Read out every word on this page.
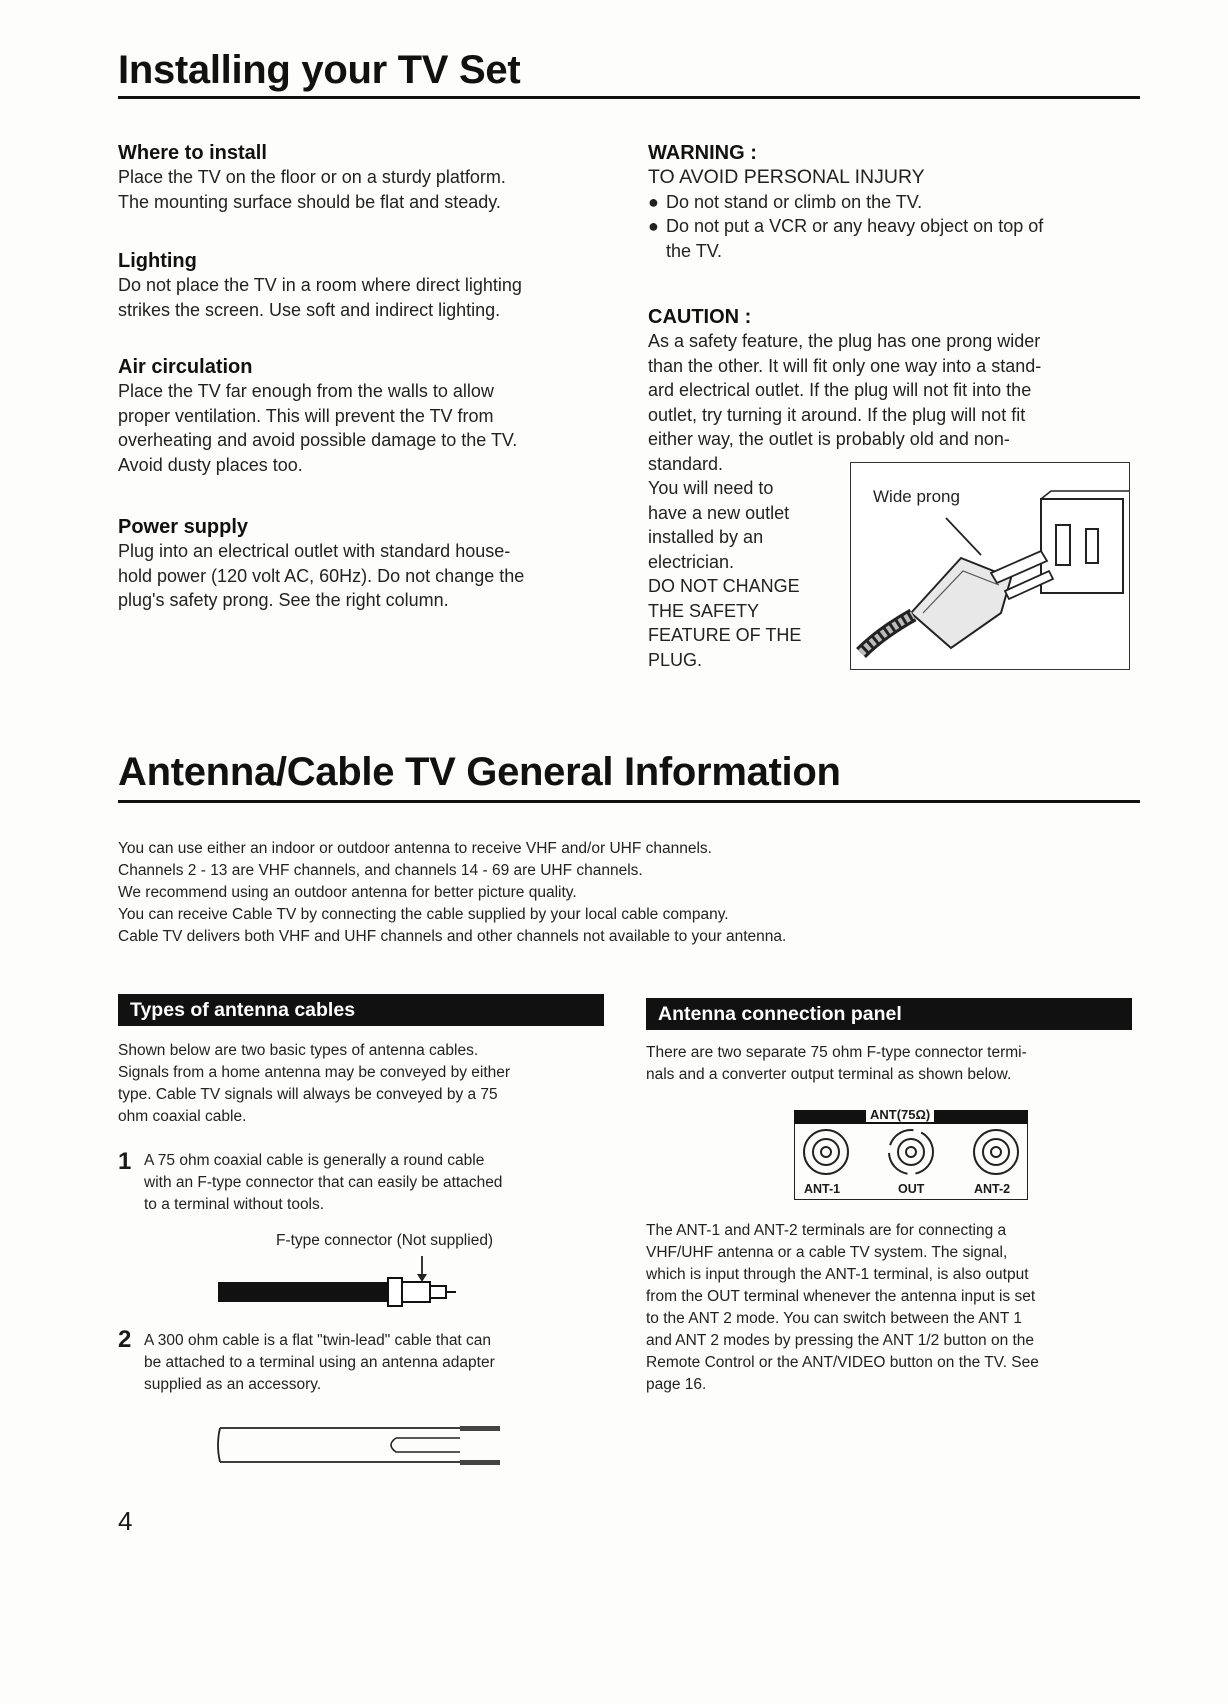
Installing your TV Set
Where to install
Place the TV on the floor or on a sturdy platform.
The mounting surface should be flat and steady.
Lighting
Do not place the TV in a room where direct lighting
strikes the screen. Use soft and indirect lighting.
Air circulation
Place the TV far enough from the walls to allow
proper ventilation. This will prevent the TV from
overheating and avoid possible damage to the TV.
Avoid dusty places too.
Power supply
Plug into an electrical outlet with standard house-
hold power (120 volt AC, 60Hz). Do not change the
plug's safety prong. See the right column.
WARNING :
TO AVOID PERSONAL INJURY
● Do not stand or climb on the TV.
● Do not put a VCR or any heavy object on top of
the TV.
CAUTION :
As a safety feature, the plug has one prong wider
than the other. It will fit only one way into a stand-
ard electrical outlet. If the plug will not fit into the
outlet, try turning it around. If the plug will not fit
either way, the outlet is probably old and non-
standard.
You will need to
have a new outlet
installed by an
electrician.
DO NOT CHANGE
THE SAFETY
FEATURE OF THE
PLUG.
Wide prong
Antenna/Cable TV General Information
You can use either an indoor or outdoor antenna to receive VHF and/or UHF channels.
Channels 2 - 13 are VHF channels, and channels 14 - 69 are UHF channels.
We recommend using an outdoor antenna for better picture quality.
You can receive Cable TV by connecting the cable supplied by your local cable company.
Cable TV delivers both VHF and UHF channels and other channels not available to your antenna.
Types of antenna cables
Shown below are two basic types of antenna cables.
Signals from a home antenna may be conveyed by either
type. Cable TV signals will always be conveyed by a 75
ohm coaxial cable.
1 A 75 ohm coaxial cable is generally a round cable
with an F-type connector that can easily be attached
to a terminal without tools.
F-type connector (Not supplied)
2 A 300 ohm cable is a flat "twin-lead" cable that can
be attached to a terminal using an antenna adapter
supplied as an accessory.
Antenna connection panel
There are two separate 75 ohm F-type connector termi-
nals and a converter output terminal as shown below.
ANT(75Ω)
ANT-1	OUT	ANT-2
The ANT-1 and ANT-2 terminals are for connecting a
VHF/UHF antenna or a cable TV system. The signal,
which is input through the ANT-1 terminal, is also output
from the OUT terminal whenever the antenna input is set
to the ANT 2 mode. You can switch between the ANT 1
and ANT 2 modes by pressing the ANT 1/2 button on the
Remote Control or the ANT/VIDEO button on the TV. See
page 16.
4
